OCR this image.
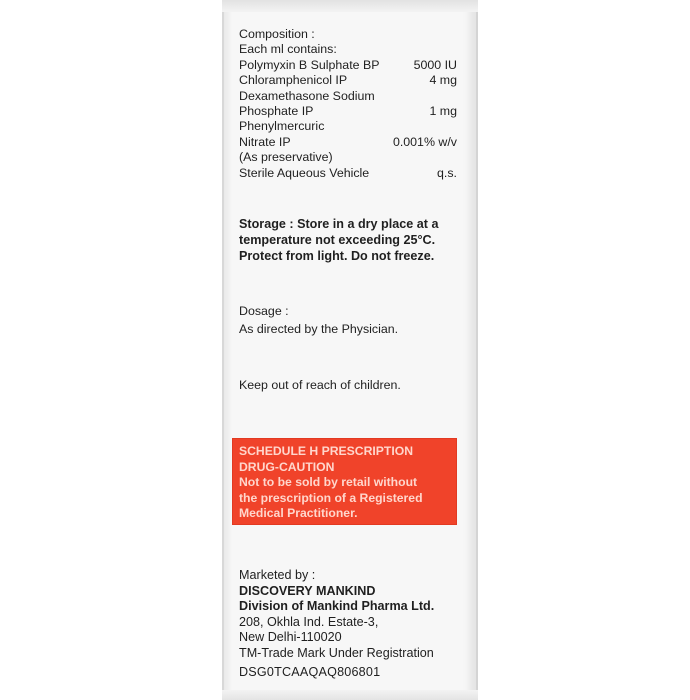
Composition :
Each ml contains:
Polymyxin B Sulphate BP	5000 IU
Chloramphenicol IP	4 mg
Dexamethasone Sodium
Phosphate IP	1 mg
Phenylmercuric
Nitrate IP	0.001% w/v
(As preservative)
Sterile Aqueous Vehicle	q.s.
Storage : Store in a dry place at a
temperature not exceeding 25°C.
Protect from light. Do not freeze.
Dosage :
As directed by the Physician.
Keep out of reach of children.
SCHEDULE H PRESCRIPTION
DRUG-CAUTION
Not to be sold by retail without
the prescription of a Registered
Medical Practitioner.
Marketed by :
DISCOVERY MANKIND
Division of Mankind Pharma Ltd.
208, Okhla Ind. Estate-3,
New Delhi-110020
TM-Trade Mark Under Registration
DSG0TCAAQAQ806801
